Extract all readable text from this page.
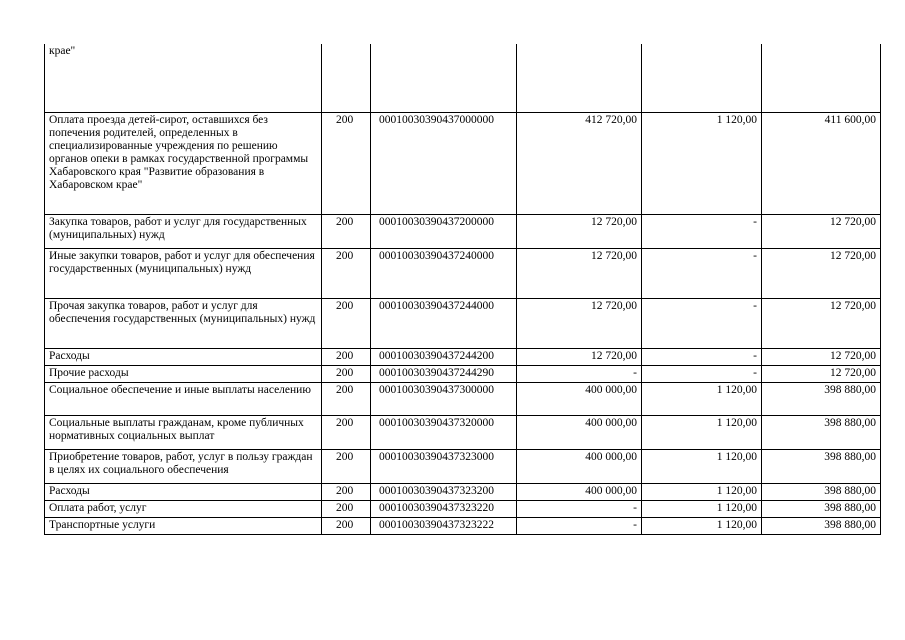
крае"					
Оплата проезда детей-сирот, оставшихся без попечения родителей, определенных в специализированные учреждения по решению органов опеки в рамках государственной программы Хабаровского края "Развитие образования в Хабаровском крае"	200	00010030390437000000	412 720,00	1 120,00	411 600,00
Закупка товаров, работ и услуг для государственных (муниципальных) нужд	200	00010030390437200000	12 720,00	-	12 720,00
Иные закупки товаров, работ и услуг для обеспечения государственных (муниципальных) нужд	200	00010030390437240000	12 720,00	-	12 720,00
Прочая закупка товаров, работ и услуг для обеспечения государственных (муниципальных) нужд	200	00010030390437244000	12 720,00	-	12 720,00
Расходы	200	00010030390437244200	12 720,00	-	12 720,00
Прочие расходы	200	00010030390437244290	-	-	12 720,00
Социальное обеспечение и иные выплаты населению	200	00010030390437300000	400 000,00	1 120,00	398 880,00
Социальные выплаты гражданам, кроме публичных нормативных социальных выплат	200	00010030390437320000	400 000,00	1 120,00	398 880,00
Приобретение товаров, работ, услуг в пользу граждан в целях их социального обеспечения	200	00010030390437323000	400 000,00	1 120,00	398 880,00
Расходы	200	00010030390437323200	400 000,00	1 120,00	398 880,00
Оплата работ, услуг	200	00010030390437323220	-	1 120,00	398 880,00
Транспортные услуги	200	00010030390437323222	-	1 120,00	398 880,00
